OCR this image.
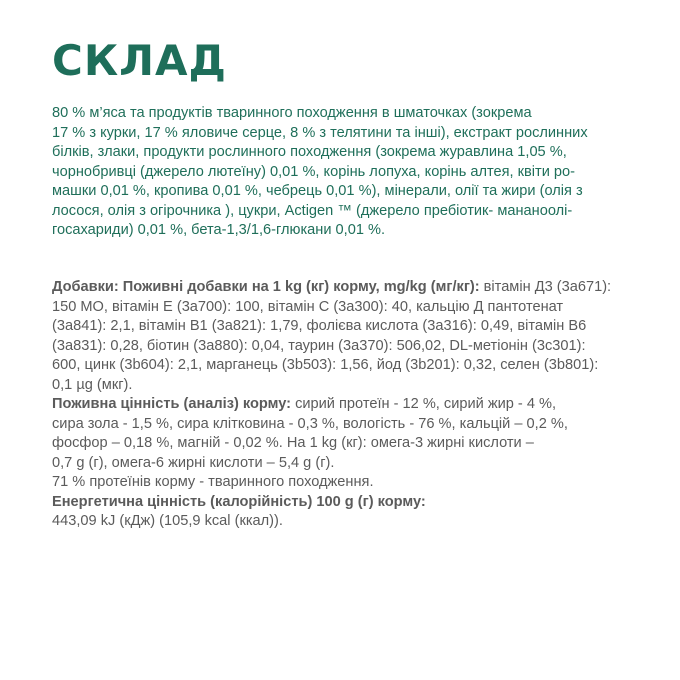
СКЛАД
80 % м’яса та продуктів тваринного походження в шматочках (зокрема
17 % з курки, 17 % яловиче серце, 8 % з телятини та інші), екстракт рослинних
білків, злаки, продукти рослинного походження (зокрема журавлина 1,05 %,
чорнобривці (джерело лютеїну) 0,01 %, корінь лопуха, корінь алтея, квіти ро-
машки 0,01 %, кропива 0,01 %, чебрець 0,01 %), мінерали, олії та жири (олія з
лосося, олія з огірочника ), цукри, Actigen ™ (джерело пребіотик- мананоолі-
госахариди) 0,01 %, бета-1,3/1,6-глюкани 0,01 %.
Добавки: Поживні добавки на 1 kg (кг) корму, mg/kg (мг/кг): вітамін Д3 (3а671):
150 МО, вітамін Е (3а700): 100, вітамін С (3а300): 40, кальцію Д пантотенат
(3а841): 2,1, вітамін В1 (3а821): 1,79, фолієва кислота (3а316): 0,49, вітамін В6
(3а831): 0,28, біотин (3а880): 0,04, таурин (3а370): 506,02, DL-метіонін (3с301):
600, цинк (3b604): 2,1, марганець (3b503): 1,56, йод (3b201): 0,32, селен (3b801):
0,1 µg (мкг).
Поживна цінність (аналіз) корму: сирий протеїн - 12 %, сирий жир - 4 %,
сира зола - 1,5 %, сира клітковина - 0,3 %, вологість - 76 %, кальцій – 0,2 %,
фосфор – 0,18 %, магній - 0,02 %. На 1 kg (кг): омега-3 жирні кислоти –
0,7 g (г), омега-6 жирні кислоти – 5,4 g (г).
71 % протеїнів корму - тваринного походження.
Енергетична цінність (калорійність) 100 g (г) корму:
443,09 kJ (кДж) (105,9 kcal (ккал)).
